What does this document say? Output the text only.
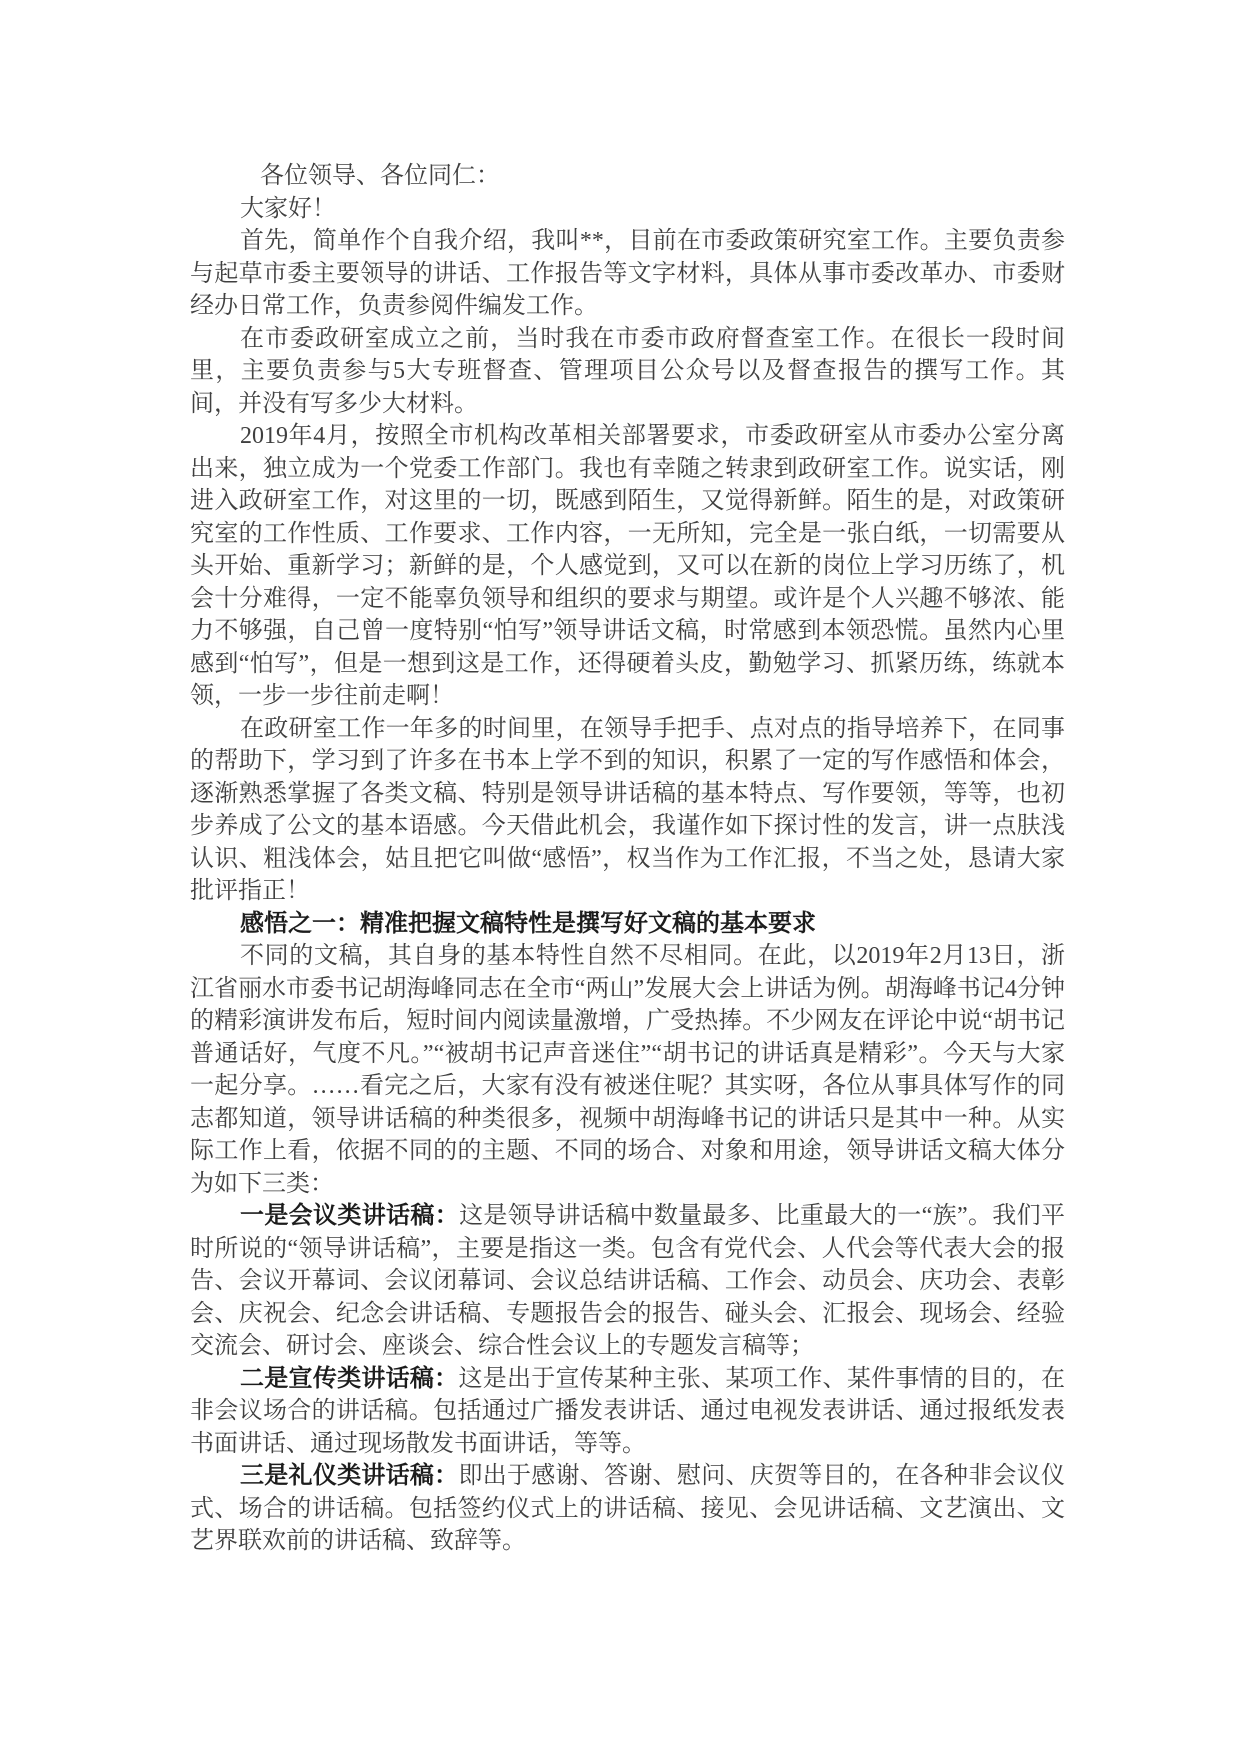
各位领导、各位同仁：

大家好！

首先，简单作个自我介绍，我叫**，目前在市委政策研究室工作。主要负责参与起草市委主要领导的讲话、工作报告等文字材料，具体从事市委改革办、市委财经办日常工作，负责参阅件编发工作。

在市委政研室成立之前，当时我在市委市政府督查室工作。在很长一段时间里，主要负责参与5大专班督查、管理项目公众号以及督查报告的撰写工作。其间，并没有写多少大材料。

2019年4月，按照全市机构改革相关部署要求，市委政研室从市委办公室分离出来，独立成为一个党委工作部门。我也有幸随之转隶到政研室工作。说实话，刚进入政研室工作，对这里的一切，既感到陌生，又觉得新鲜。陌生的是，对政策研究室的工作性质、工作要求、工作内容，一无所知，完全是一张白纸，一切需要从头开始、重新学习；新鲜的是，个人感觉到，又可以在新的岗位上学习历练了，机会十分难得，一定不能辜负领导和组织的要求与期望。或许是个人兴趣不够浓、能力不够强，自己曾一度特别“怕写”领导讲话文稿，时常感到本领恐慌。虽然内心里感到“怕写”，但是一想到这是工作，还得硬着头皮，勤勉学习、抓紧历练，练就本领，一步一步往前走啊！

在政研室工作一年多的时间里，在领导手把手、点对点的指导培养下，在同事的帮助下，学习到了许多在书本上学不到的知识，积累了一定的写作感悟和体会，逐渐熟悉掌握了各类文稿、特别是领导讲话稿的基本特点、写作要领，等等，也初步养成了公文的基本语感。今天借此机会，我谨作如下探讨性的发言，讲一点肤浅认识、粗浅体会，姑且把它叫做“感悟”，权当作为工作汇报，不当之处，恳请大家批评指正！

感悟之一：精准把握文稿特性是撰写好文稿的基本要求

不同的文稿，其自身的基本特性自然不尽相同。在此，以2019年2月13日，浙江省丽水市委书记胡海峰同志在全市“两山”发展大会上讲话为例。胡海峰书记4分钟的精彩演讲发布后，短时间内阅读量激增，广受热捧。不少网友在评论中说“胡书记普通话好，气度不凡。”“被胡书记声音迷住”“胡书记的讲话真是精彩”。今天与大家一起分享。……看完之后，大家有没有被迷住呢？其实呀，各位从事具体写作的同志都知道，领导讲话稿的种类很多，视频中胡海峰书记的讲话只是其中一种。从实际工作上看，依据不同的的主题、不同的场合、对象和用途，领导讲话文稿大体分为如下三类：

一是会议类讲话稿：这是领导讲话稿中数量最多、比重最大的一“族”。我们平时所说的“领导讲话稿”，主要是指这一类。包含有党代会、人代会等代表大会的报告、会议开幕词、会议闭幕词、会议总结讲话稿、工作会、动员会、庆功会、表彰会、庆祝会、纪念会讲话稿、专题报告会的报告、碰头会、汇报会、现场会、经验交流会、研讨会、座谈会、综合性会议上的专题发言稿等；

二是宣传类讲话稿：这是出于宣传某种主张、某项工作、某件事情的目的，在非会议场合的讲话稿。包括通过广播发表讲话、通过电视发表讲话、通过报纸发表书面讲话、通过现场散发书面讲话，等等。

三是礼仪类讲话稿：即出于感谢、答谢、慰问、庆贺等目的，在各种非会议仪式、场合的讲话稿。包括签约仪式上的讲话稿、接见、会见讲话稿、文艺演出、文艺界联欢前的讲话稿、致辞等。
